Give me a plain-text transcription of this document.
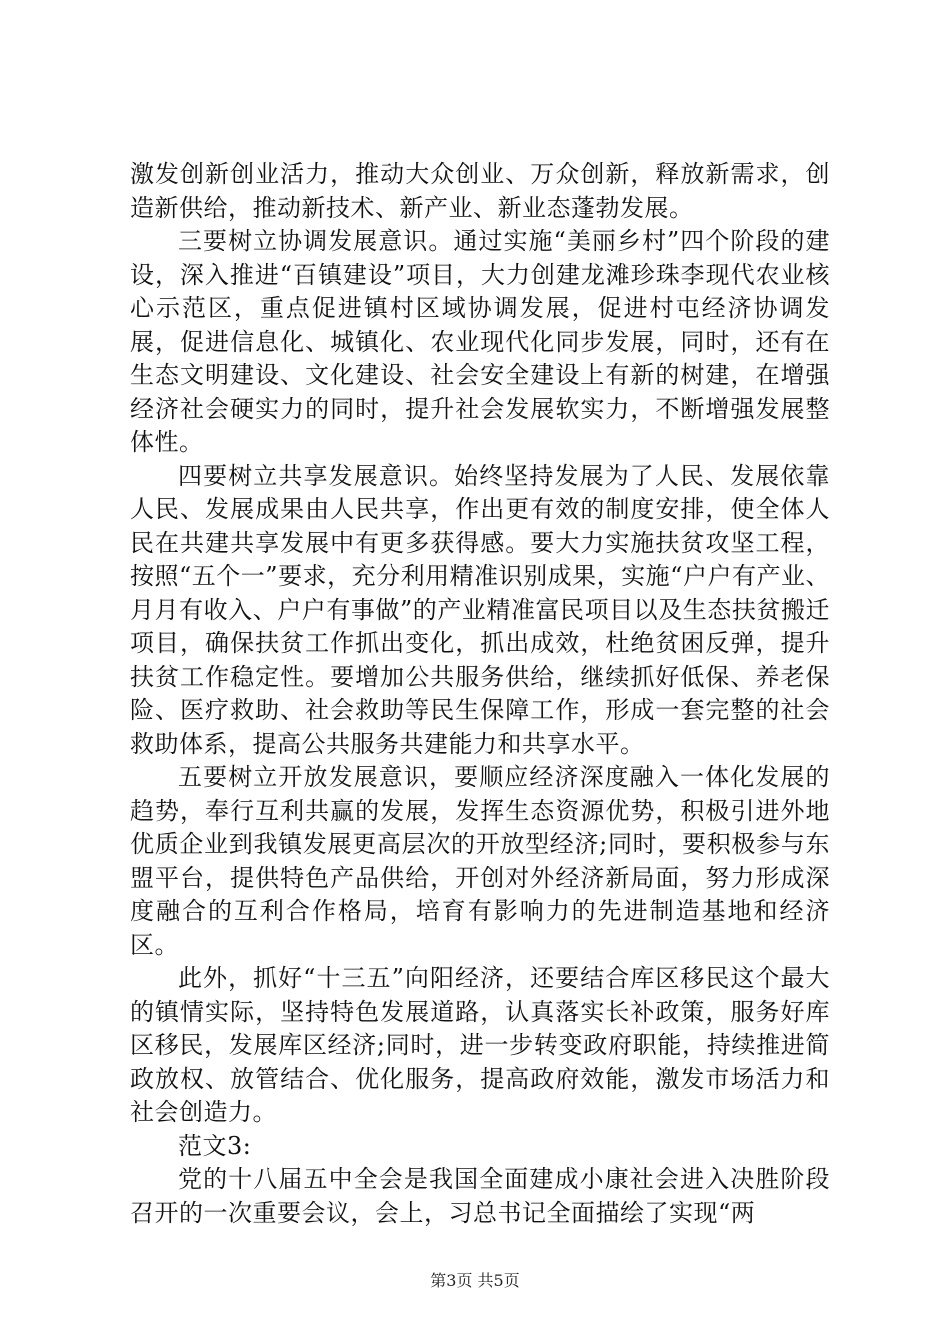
激发创新创业活力，推动大众创业、万众创新，释放新需求，创造新供给，推动新技术、新产业、新业态蓬勃发展。

三要树立协调发展意识。通过实施“美丽乡村”四个阶段的建设，深入推进“百镇建设”项目，大力创建龙滩珍珠李现代农业核心示范区，重点促进镇村区域协调发展，促进村屯经济协调发展，促进信息化、城镇化、农业现代化同步发展，同时，还有在生态文明建设、文化建设、社会安全建设上有新的树建，在增强经济社会硬实力的同时，提升社会发展软实力，不断增强发展整体性。

四要树立共享发展意识。始终坚持发展为了人民、发展依靠人民、发展成果由人民共享，作出更有效的制度安排，使全体人民在共建共享发展中有更多获得感。要大力实施扶贫攻坚工程，按照“五个一”要求，充分利用精准识别成果，实施“户户有产业、月月有收入、户户有事做”的产业精准富民项目以及生态扶贫搬迁项目，确保扶贫工作抓出变化，抓出成效，杜绝贫困反弹，提升扶贫工作稳定性。要增加公共服务供给，继续抓好低保、养老保险、医疗救助、社会救助等民生保障工作，形成一套完整的社会救助体系，提高公共服务共建能力和共享水平。

五要树立开放发展意识，要顺应经济深度融入一体化发展的趋势，奉行互利共赢的发展，发挥生态资源优势，积极引进外地优质企业到我镇发展更高层次的开放型经济;同时，要积极参与东盟平台，提供特色产品供给，开创对外经济新局面，努力形成深度融合的互利合作格局，培育有影响力的先进制造基地和经济区。

此外，抓好“十三五”向阳经济，还要结合库区移民这个最大的镇情实际，坚持特色发展道路，认真落实长补政策，服务好库区移民，发展库区经济;同时，进一步转变政府职能，持续推进简政放权、放管结合、优化服务，提高政府效能，激发市场活力和社会创造力。

范文3:

党的十八届五中全会是我国全面建成小康社会进入决胜阶段召开的一次重要会议，会上，习总书记全面描绘了实现“两

第3页 共5页
